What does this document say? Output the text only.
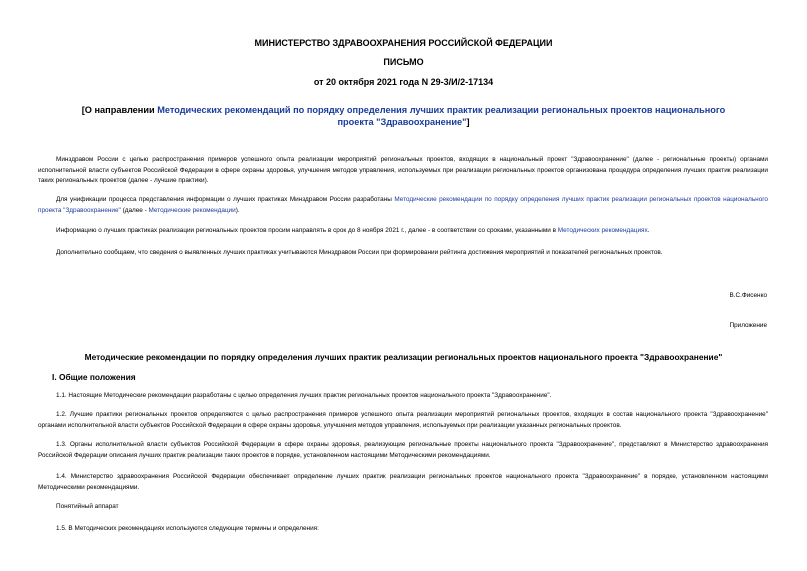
МИНИСТЕРСТВО ЗДРАВООХРАНЕНИЯ РОССИЙСКОЙ ФЕДЕРАЦИИ
ПИСЬМО
от 20 октября 2021 года N 29-3/И/2-17134
[О направлении Методических рекомендаций по порядку определения лучших практик реализации региональных проектов национального проекта "Здравоохранение"]
Минздравом России с целью распространения примеров успешного опыта реализации мероприятий региональных проектов, входящих в национальный проект "Здравоохранение" (далее - региональные проекты) органами исполнительной власти субъектов Российской Федерации в сфере охраны здоровья, улучшения методов управления, используемых при реализации региональных проектов организована процедура определения лучших практик реализации таких региональных проектов (далее - лучшие практики).
Для унификации процесса представления информации о лучших практиках Минздравом России разработаны Методические рекомендации по порядку определения лучших практик реализации региональных проектов национального проекта "Здравоохранение" (далее - Методические рекомендации).
Информацию о лучших практиках реализации региональных проектов просим направлять в срок до 8 ноября 2021 г., далее - в соответствии со сроками, указанными в Методических рекомендациях.
Дополнительно сообщаем, что сведения о выявленных лучших практиках учитываются Минздравом России при формировании рейтинга достижения мероприятий и показателей региональных проектов.
В.С.Фисенко
Приложение
Методические рекомендации по порядку определения лучших практик реализации региональных проектов национального проекта "Здравоохранение"
I. Общие положения
1.1. Настоящие Методические рекомендации разработаны с целью определения лучших практик региональных проектов национального проекта "Здравоохранение".
1.2. Лучшие практики региональных проектов определяются с целью распространения примеров успешного опыта реализации мероприятий региональных проектов, входящих в состав национального проекта "Здравоохранение" органами исполнительной власти субъектов Российской Федерации в сфере охраны здоровья, улучшения методов управления, используемых при реализации указанных региональных проектов.
1.3. Органы исполнительной власти субъектов Российской Федерации в сфере охраны здоровья, реализующие региональные проекты национального проекта "Здравоохранение", представляют в Министерство здравоохранения Российской Федерации описания лучших практик реализации таких проектов в порядке, установленном настоящими Методическими рекомендациями.
1.4. Министерство здравоохранения Российской Федерации обеспечивает определение лучших практик реализации региональных проектов национального проекта "Здравоохранение" в порядке, установленном настоящими Методическими рекомендациями.
Понятийный аппарат
1.5. В Методических рекомендациях используются следующие термины и определения:
